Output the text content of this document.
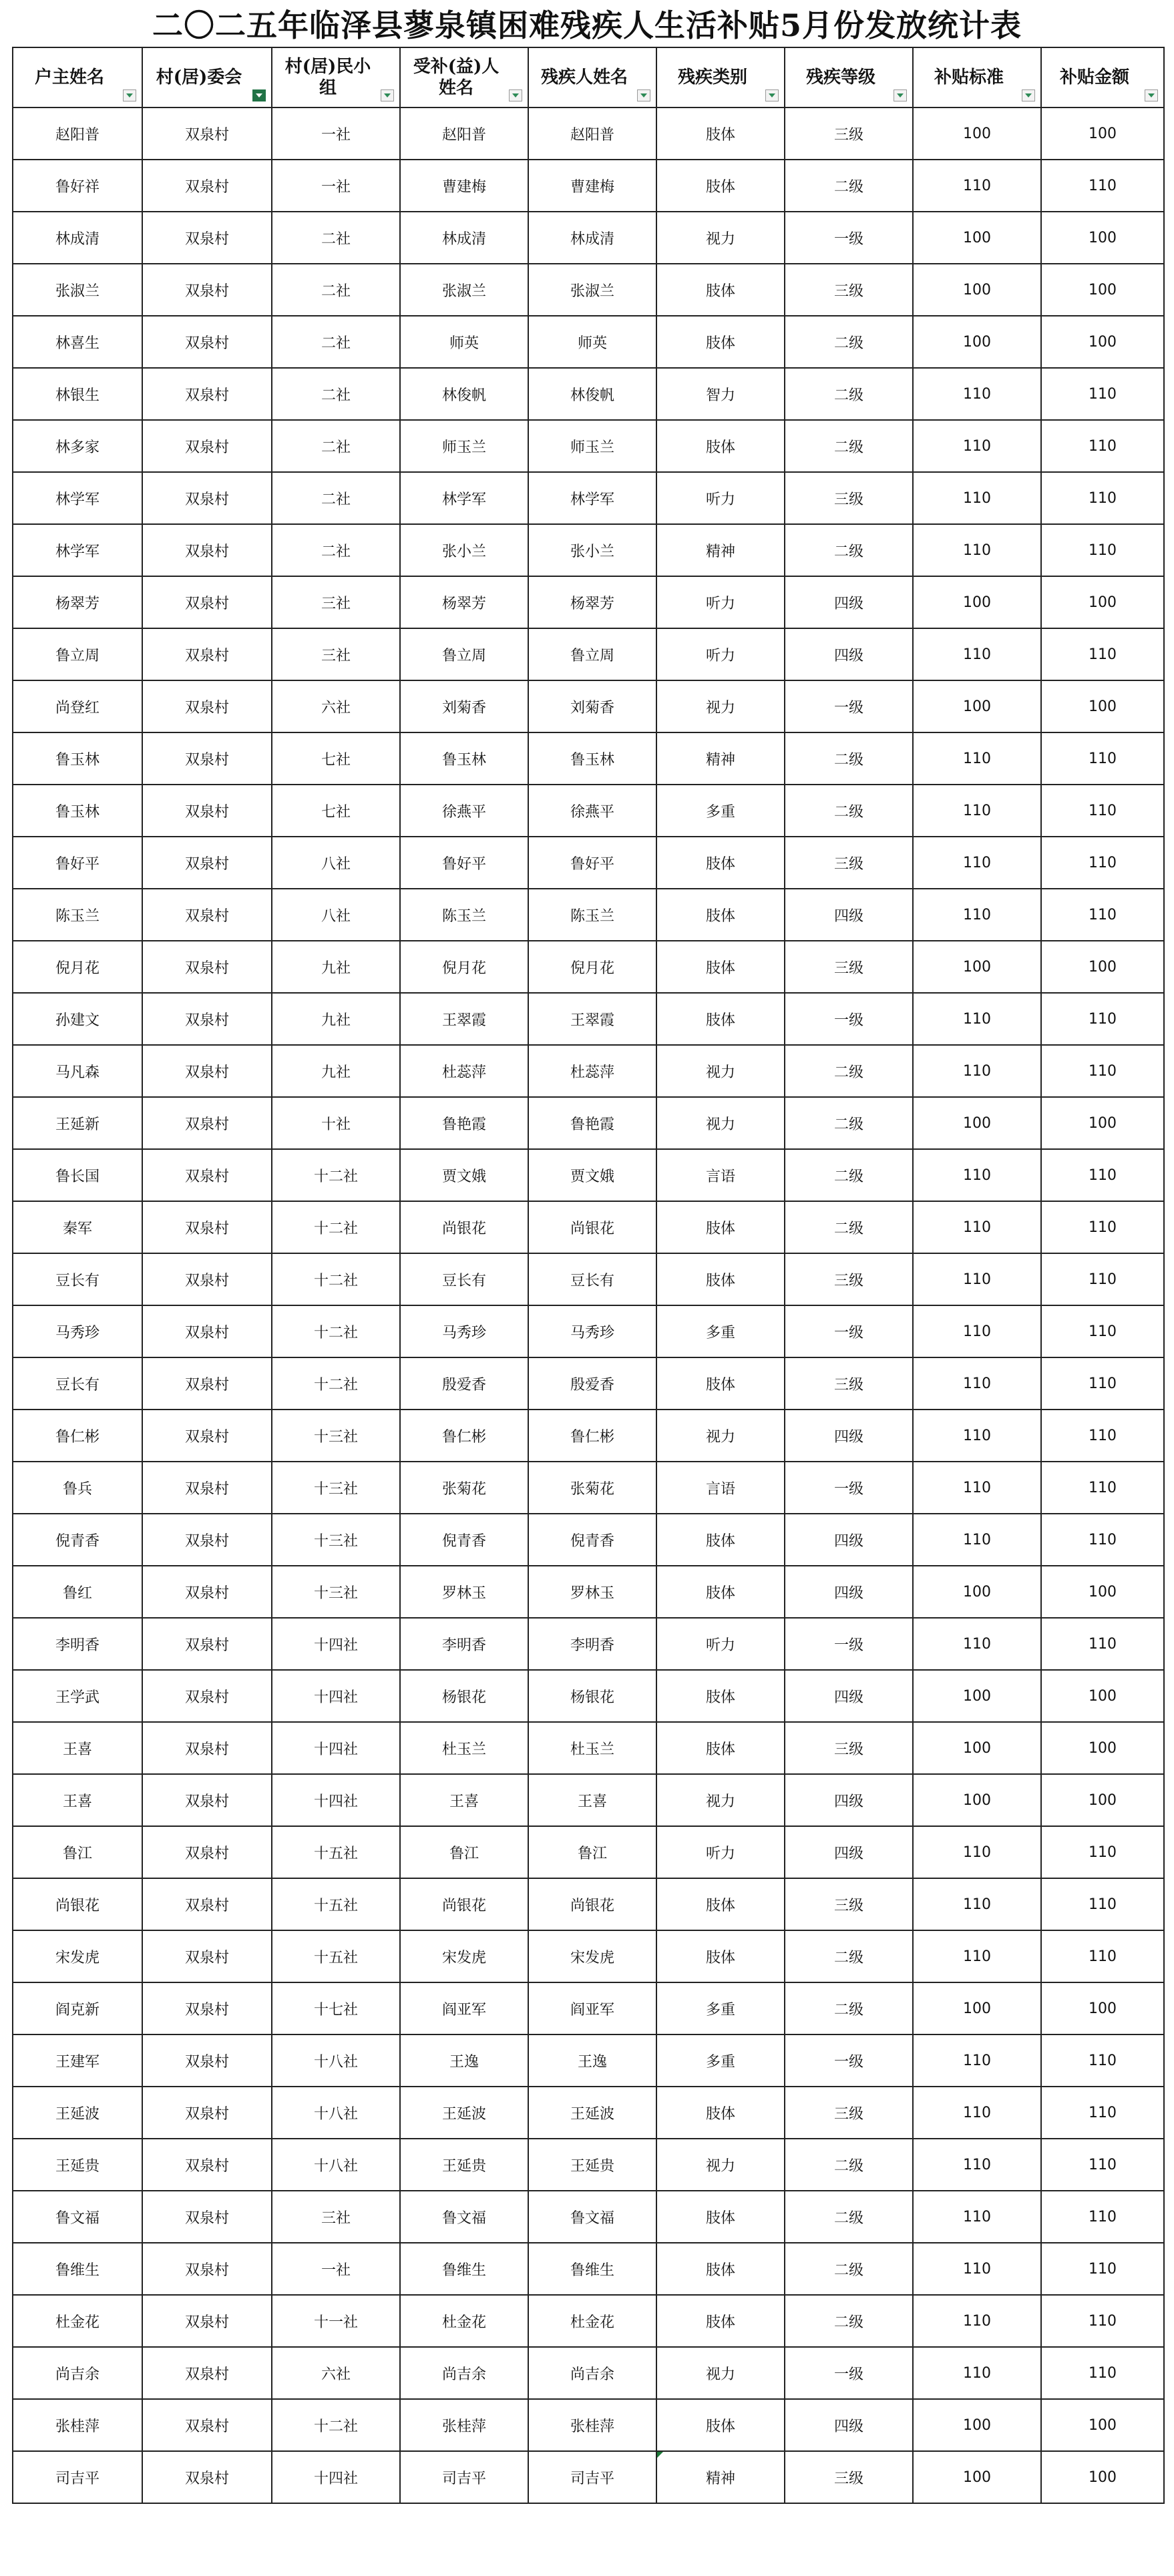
二〇二五年临泽县蓼泉镇困难残疾人生活补贴5月份发放统计表
户主姓名	村(居)委会	村(居)民小组	受补(益)人姓名	残疾人姓名	残疾类别	残疾等级	补贴标准	补贴金额

赵阳普	双泉村	一社	赵阳普	赵阳普	肢体	三级	100	100
鲁好祥	双泉村	一社	曹建梅	曹建梅	肢体	二级	110	110
林成清	双泉村	二社	林成清	林成清	视力	一级	100	100
张淑兰	双泉村	二社	张淑兰	张淑兰	肢体	三级	100	100
林喜生	双泉村	二社	师英	师英	肢体	二级	100	100
林银生	双泉村	二社	林俊帆	林俊帆	智力	二级	110	110
林多家	双泉村	二社	师玉兰	师玉兰	肢体	二级	110	110
林学军	双泉村	二社	林学军	林学军	听力	三级	110	110
林学军	双泉村	二社	张小兰	张小兰	精神	二级	110	110
杨翠芳	双泉村	三社	杨翠芳	杨翠芳	听力	四级	100	100
鲁立周	双泉村	三社	鲁立周	鲁立周	听力	四级	110	110
尚登红	双泉村	六社	刘菊香	刘菊香	视力	一级	100	100
鲁玉林	双泉村	七社	鲁玉林	鲁玉林	精神	二级	110	110
鲁玉林	双泉村	七社	徐燕平	徐燕平	多重	二级	110	110
鲁好平	双泉村	八社	鲁好平	鲁好平	肢体	三级	110	110
陈玉兰	双泉村	八社	陈玉兰	陈玉兰	肢体	四级	110	110
倪月花	双泉村	九社	倪月花	倪月花	肢体	三级	100	100
孙建文	双泉村	九社	王翠霞	王翠霞	肢体	一级	110	110
马凡森	双泉村	九社	杜蕊萍	杜蕊萍	视力	二级	110	110
王延新	双泉村	十社	鲁艳霞	鲁艳霞	视力	二级	100	100
鲁长国	双泉村	十二社	贾文娥	贾文娥	言语	二级	110	110
秦军	双泉村	十二社	尚银花	尚银花	肢体	二级	110	110
豆长有	双泉村	十二社	豆长有	豆长有	肢体	三级	110	110
马秀珍	双泉村	十二社	马秀珍	马秀珍	多重	一级	110	110
豆长有	双泉村	十二社	殷爱香	殷爱香	肢体	三级	110	110
鲁仁彬	双泉村	十三社	鲁仁彬	鲁仁彬	视力	四级	110	110
鲁兵	双泉村	十三社	张菊花	张菊花	言语	一级	110	110
倪青香	双泉村	十三社	倪青香	倪青香	肢体	四级	110	110
鲁红	双泉村	十三社	罗林玉	罗林玉	肢体	四级	100	100
李明香	双泉村	十四社	李明香	李明香	听力	一级	110	110
王学武	双泉村	十四社	杨银花	杨银花	肢体	四级	100	100
王喜	双泉村	十四社	杜玉兰	杜玉兰	肢体	三级	100	100
王喜	双泉村	十四社	王喜	王喜	视力	四级	100	100
鲁江	双泉村	十五社	鲁江	鲁江	听力	四级	110	110
尚银花	双泉村	十五社	尚银花	尚银花	肢体	三级	110	110
宋发虎	双泉村	十五社	宋发虎	宋发虎	肢体	二级	110	110
阎克新	双泉村	十七社	阎亚军	阎亚军	多重	二级	100	100
王建军	双泉村	十八社	王逸	王逸	多重	一级	110	110
王延波	双泉村	十八社	王延波	王延波	肢体	三级	110	110
王延贵	双泉村	十八社	王延贵	王延贵	视力	二级	110	110
鲁文福	双泉村	三社	鲁文福	鲁文福	肢体	二级	110	110
鲁维生	双泉村	一社	鲁维生	鲁维生	肢体	二级	110	110
杜金花	双泉村	十一社	杜金花	杜金花	肢体	二级	110	110
尚吉余	双泉村	六社	尚吉余	尚吉余	视力	一级	110	110
张桂萍	双泉村	十二社	张桂萍	张桂萍	肢体	四级	100	100
司吉平	双泉村	十四社	司吉平	司吉平	精神	三级	100	100
